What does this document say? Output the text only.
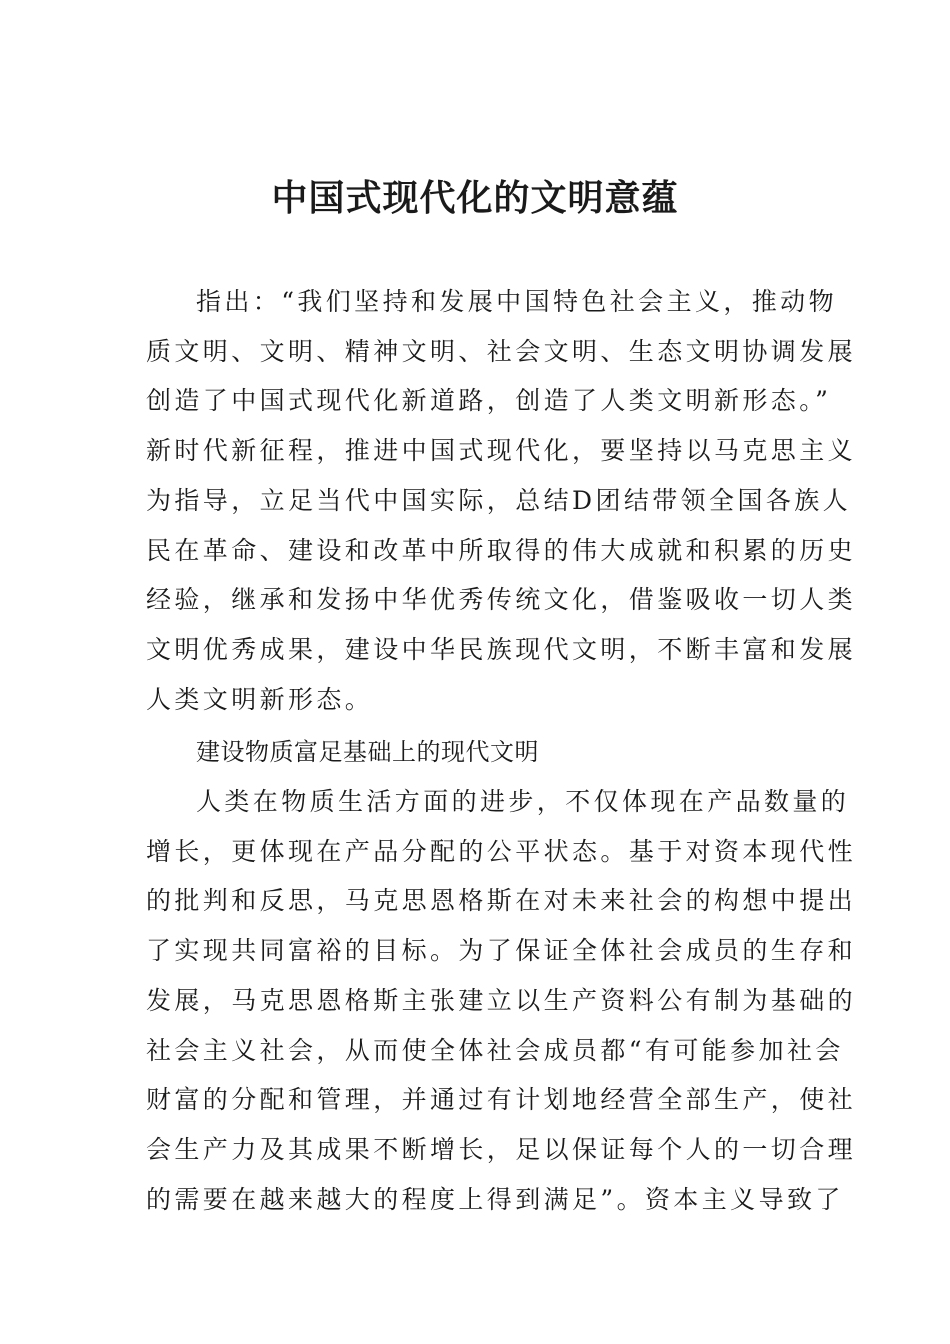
中国式现代化的文明意蕴
指出：“我们坚持和发展中国特色社会主义，推动物
质文明、文明、精神文明、社会文明、生态文明协调发展
创造了中国式现代化新道路，创造了人类文明新形态。”
新时代新征程，推进中国式现代化，要坚持以马克思主义
为指导，立足当代中国实际，总结D团结带领全国各族人
民在革命、建设和改革中所取得的伟大成就和积累的历史
经验，继承和发扬中华优秀传统文化，借鉴吸收一切人类
文明优秀成果，建设中华民族现代文明，不断丰富和发展
人类文明新形态。
建设物质富足基础上的现代文明
人类在物质生活方面的进步，不仅体现在产品数量的
增长，更体现在产品分配的公平状态。基于对资本现代性
的批判和反思，马克思恩格斯在对未来社会的构想中提出
了实现共同富裕的目标。为了保证全体社会成员的生存和
发展，马克思恩格斯主张建立以生产资料公有制为基础的
社会主义社会，从而使全体社会成员都“有可能参加社会
财富的分配和管理，并通过有计划地经营全部生产，使社
会生产力及其成果不断增长，足以保证每个人的一切合理
的需要在越来越大的程度上得到满足”。资本主义导致了
